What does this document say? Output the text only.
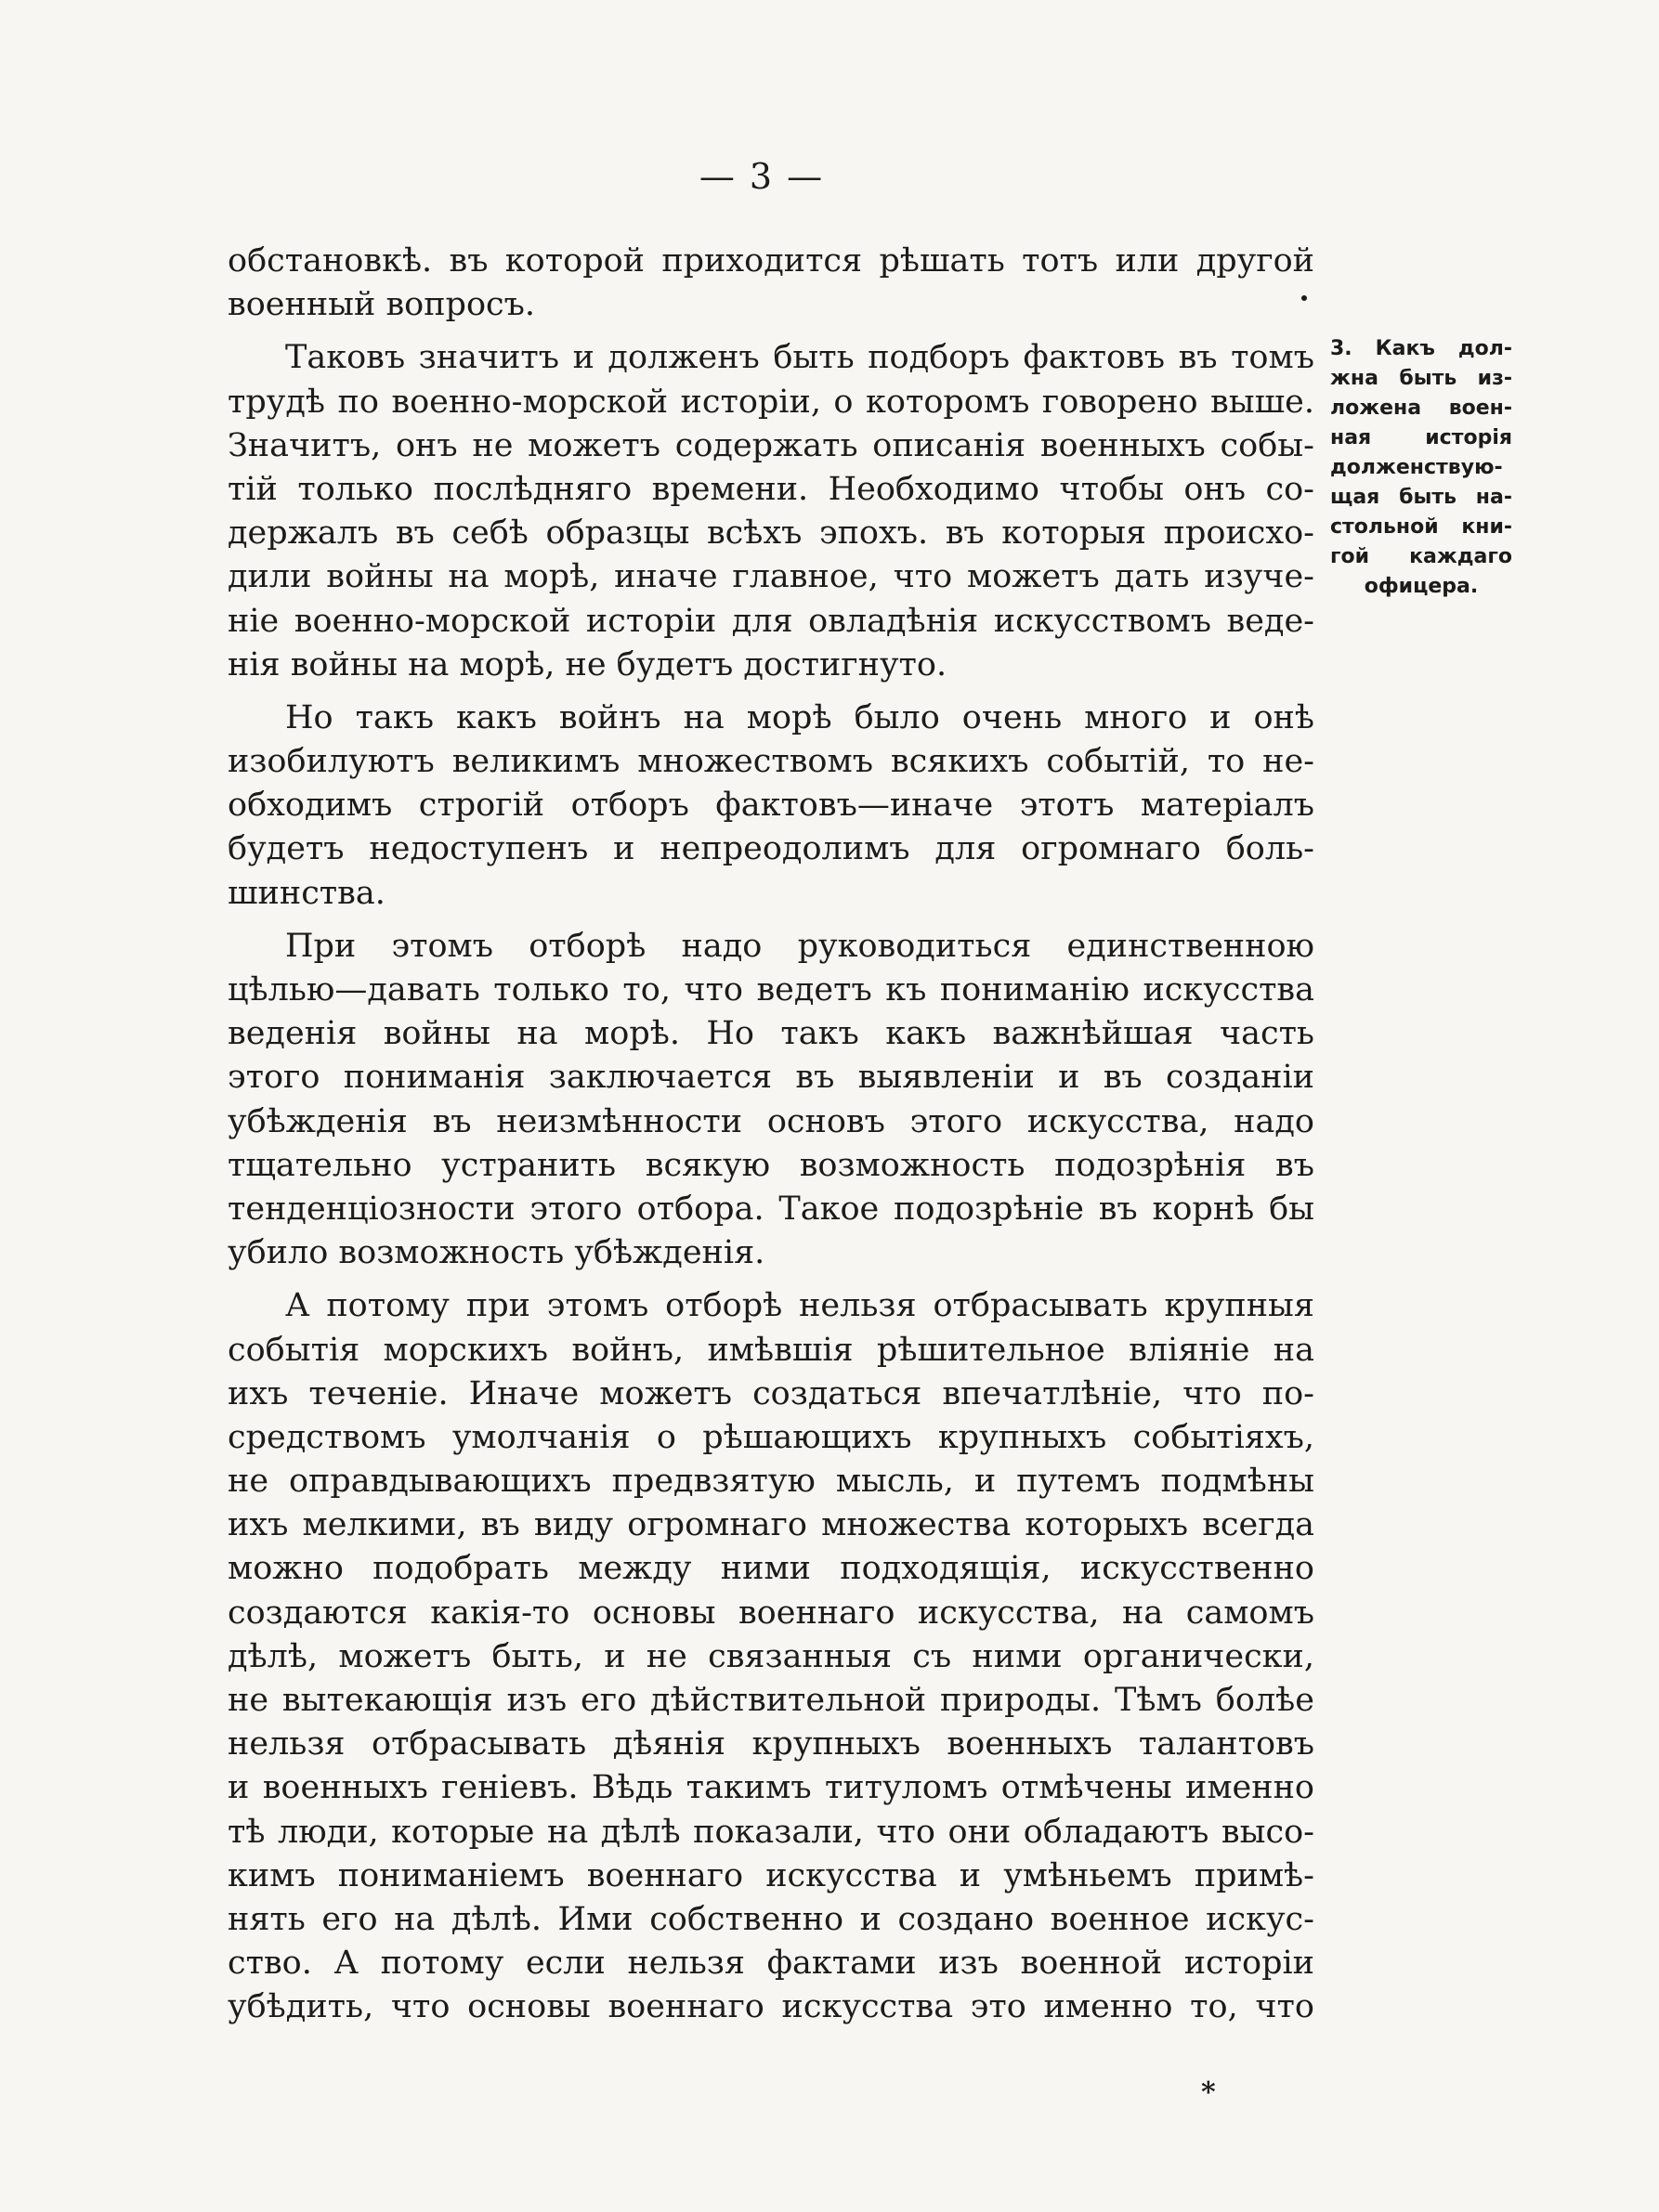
— 3 —
обстановкѣ. въ которой приходится рѣшать тотъ или другой
военный вопросъ.
Таковъ значитъ и долженъ быть подборъ фактовъ въ томъ
трудѣ по военно-морской исторіи, о которомъ говорено выше.
Значитъ, онъ не можетъ содержать описанія военныхъ собы-
тій только послѣдняго времени. Необходимо чтобы онъ со-
держалъ въ себѣ образцы всѣхъ эпохъ. въ которыя происхо-
дили войны на морѣ, иначе главное, что можетъ дать изуче-
ніе военно-морской исторіи для овладѣнія искусствомъ веде-
нія войны на морѣ, не будетъ достигнуто.
Но такъ какъ войнъ на морѣ было очень много и онѣ
изобилуютъ великимъ множествомъ всякихъ событій, то не-
обходимъ строгій отборъ фактовъ—иначе этотъ матеріалъ
будетъ недоступенъ и непреодолимъ для огромнаго боль-
шинства.
При этомъ отборѣ надо руководиться единственною
цѣлью—давать только то, что ведетъ къ пониманію искусства
веденія войны на морѣ. Но такъ какъ важнѣйшая часть
этого пониманія заключается въ выявленіи и въ созданіи
убѣжденія въ неизмѣнности основъ этого искусства, надо
тщательно устранить всякую возможность подозрѣнія въ
тенденціозности этого отбора. Такое подозрѣніе въ корнѣ бы
убило возможность убѣжденія.
А потому при этомъ отборѣ нельзя отбрасывать крупныя
событія морскихъ войнъ, имѣвшія рѣшительное вліяніе на
ихъ теченіе. Иначе можетъ создаться впечатлѣніе, что по-
средствомъ умолчанія о рѣшающихъ крупныхъ событіяхъ,
не оправдывающихъ предвзятую мысль, и путемъ подмѣны
ихъ мелкими, въ виду огромнаго множества которыхъ всегда
можно подобрать между ними подходящія, искусственно
создаются какія-то основы военнаго искусства, на самомъ
дѣлѣ, можетъ быть, и не связанныя съ ними органически,
не вытекающія изъ его дѣйствительной природы. Тѣмъ болѣе
нельзя отбрасывать дѣянія крупныхъ военныхъ талантовъ
и военныхъ геніевъ. Вѣдь такимъ титуломъ отмѣчены именно
тѣ люди, которые на дѣлѣ показали, что они обладаютъ высо-
кимъ пониманіемъ военнаго искусства и умѣньемъ примѣ-
нять его на дѣлѣ. Ими собственно и создано военное искус-
ство. А потому если нельзя фактами изъ военной исторіи
убѣдить, что основы военнаго искусства это именно то, что
3. Какъ дол-
жна быть из-
ложена воен-
ная исторія
долженствую-
щая быть на-
стольной кни-
гой каждаго
офицера.
*
